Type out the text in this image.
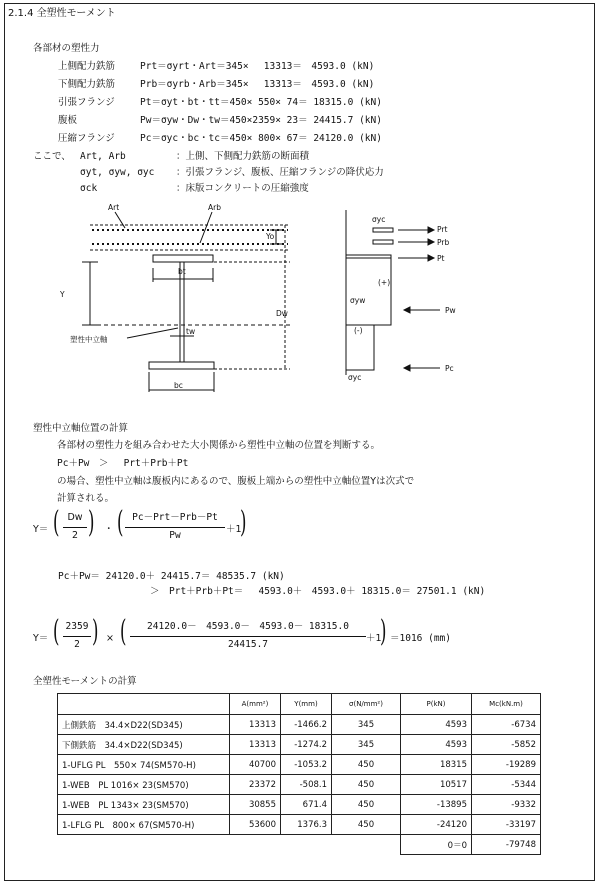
2.1.4 全塑性モーメント
各部材の塑性力
上側配力鉄筋	Prt＝σyrt・Art＝345×　 13313＝　4593.0 (kN)
下側配力鉄筋	Prb＝σyrb・Arb＝345×　 13313＝　4593.0 (kN)
引張フランジ	Pt＝σyt・bt・tt＝450× 550× 74＝ 18315.0 (kN)
腹板	Pw＝σyw・Dw・tw＝450×2359× 23＝ 24415.7 (kN)
圧縮フランジ	Pc＝σyc・bc・tc＝450× 800× 67＝ 24120.0 (kN)
ここで、 Art, Arb	：上側、下側配力鉄筋の断面積
σyt, σyw, σyc ：引張フランジ、腹板、圧縮フランジの降伏応力
σck	：床版コンクリートの圧縮強度
Art	Arb
bt
Y
Yo
Dw
塑性中立軸
tw
bc
σyc
σyw
σyc
(+)
(-)
Prt
Prb
Pt
Pw
Pc
塑性中立軸位置の計算
各部材の塑性力を組み合わせた大小関係から塑性中立軸の位置を判断する。
Pc＋Pw　＞　 Prt＋Prb＋Pt
の場合、塑性中立軸は腹板内にあるので、腹板上端からの塑性中立軸位置Yは次式で
計算される。
Y＝ ( Dw
2 ) ・ ( Pc－Prt－Prb－Pt
Pw
＋1
)
Pc＋Pw＝ 24120.0＋ 24415.7＝ 48535.7 (kN)
＞　Prt＋Prb＋Pt＝　 4593.0＋　4593.0＋ 18315.0＝ 27501.1 (kN)
Y＝ ( 2359
2 ) × (	24120.0－　4593.0－　4593.0－ 18315.0
24415.7
＋1
) ＝1016 (mm)
全塑性モーメントの計算
	A(mm²)	Y(mm)	σ(N/mm²)	P(kN)	Mc(kN.m)
上側鉄筋　34.4×D22(SD345)	13313	-1466.2	345	4593	-6734
下側鉄筋　34.4×D22(SD345)	13313	-1274.2	345	4593	-5852
1-UFLG PL　550× 74(SM570-H)	40700	-1053.2	450	18315	-19289
1-WEB　PL 1016× 23(SM570)	23372	-508.1	450	10517	-5344
1-WEB　PL 1343× 23(SM570)	30855	671.4	450	-13895	-9332
1-LFLG PL　800× 67(SM570-H)	53600	1376.3	450	-24120	-33197
				0＝0	-79748
